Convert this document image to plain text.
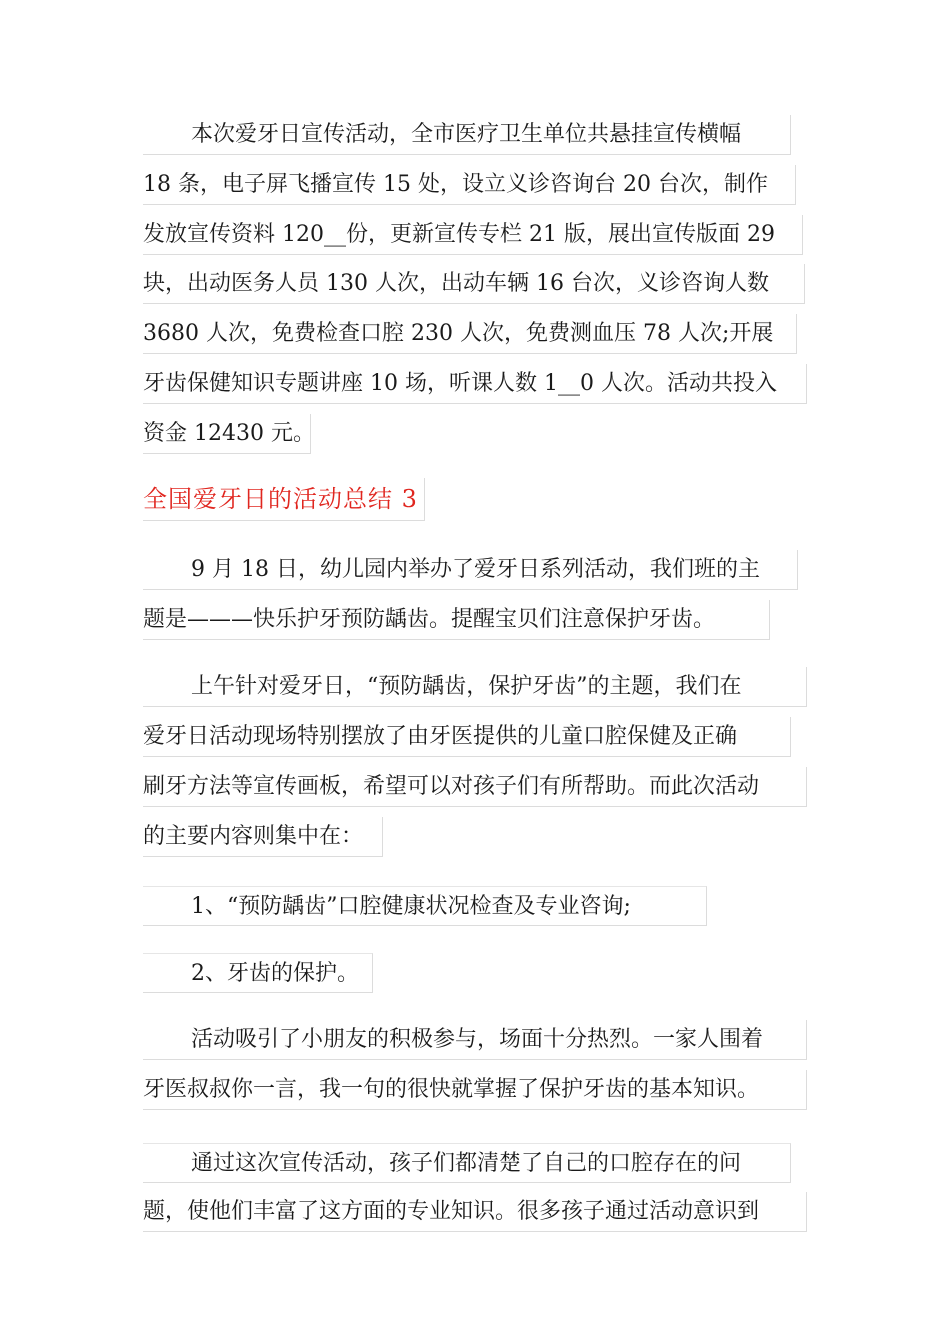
本次爱牙日宣传活动，全市医疗卫生单位共悬挂宣传横幅
18 条，电子屏飞播宣传 15 处，设立义诊咨询台 20 台次，制作
发放宣传资料 120__份，更新宣传专栏 21 版，展出宣传版面 29
块，出动医务人员 130 人次，出动车辆 16 台次，义诊咨询人数
3680 人次，免费检查口腔 230 人次，免费测血压 78 人次;开展
牙齿保健知识专题讲座 10 场，听课人数 1__0 人次。活动共投入
资金 12430 元。
全国爱牙日的活动总结 3
9 月 18 日，幼儿园内举办了爱牙日系列活动，我们班的主
题是———快乐护牙预防龋齿。提醒宝贝们注意保护牙齿。
上午针对爱牙日，“预防龋齿，保护牙齿”的主题，我们在
爱牙日活动现场特别摆放了由牙医提供的儿童口腔保健及正确
刷牙方法等宣传画板，希望可以对孩子们有所帮助。而此次活动
的主要内容则集中在：
1、“预防龋齿”口腔健康状况检查及专业咨询;
2、牙齿的保护。
活动吸引了小朋友的积极参与，场面十分热烈。一家人围着
牙医叔叔你一言，我一句的很快就掌握了保护牙齿的基本知识。
通过这次宣传活动，孩子们都清楚了自己的口腔存在的问
题，使他们丰富了这方面的专业知识。很多孩子通过活动意识到
